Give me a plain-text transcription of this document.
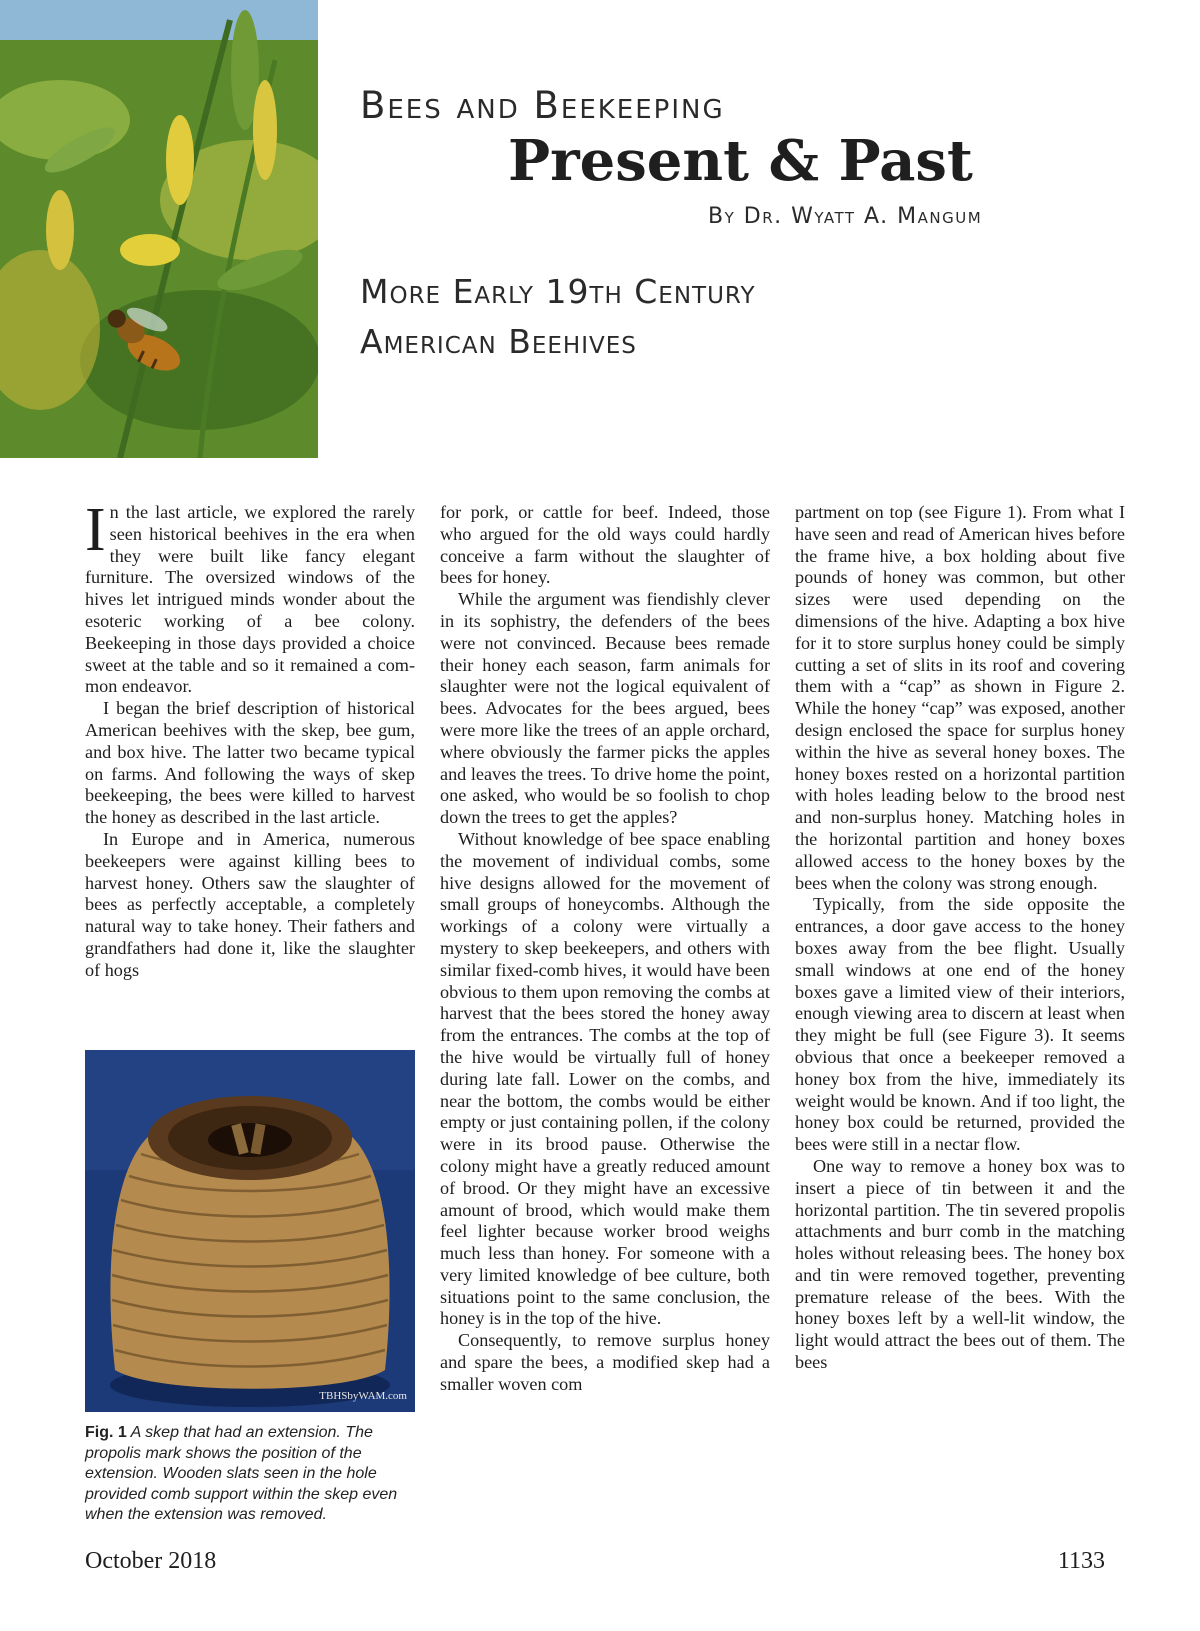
Bees and Beekeeping
Present & Past
By Dr. Wyatt A. Mangum
More Early 19th Century
American Beehives

In the last article, we explored the rarely seen historical beehives in the era when they were built like fancy elegant furniture. The oversized windows of the hives let intrigued minds wonder about the esoteric working of a bee colony. Beekeeping in those days provided a choice sweet at the table and so it remained a common endeavor.

I began the brief description of historical American beehives with the skep, bee gum, and box hive. The latter two became typical on farms. And following the ways of skep beekeeping, the bees were killed to harvest the honey as described in the last article.

In Europe and in America, numerous beekeepers were against killing bees to harvest honey. Others saw the slaughter of bees as perfectly acceptable, a completely natural way to take honey. Their fathers and grandfathers had done it, like the slaughter of hogs

TBHSbyWAM.com
Fig. 1 A skep that had an extension. The propolis mark shows the position of the extension. Wooden slats seen in the hole provided comb support within the skep even when the extension was removed.

for pork, or cattle for beef. Indeed, those who argued for the old ways could hardly conceive a farm without the slaughter of bees for honey.

While the argument was fiendishly clever in its sophistry, the defenders of the bees were not convinced. Because bees remade their honey each season, farm animals for slaughter were not the logical equivalent of bees. Advocates for the bees argued, bees were more like the trees of an apple orchard, where obviously the farmer picks the apples and leaves the trees. To drive home the point, one asked, who would be so foolish to chop down the trees to get the apples?

Without knowledge of bee space enabling the movement of individual combs, some hive designs allowed for the movement of small groups of honeycombs. Although the workings of a colony were virtually a mystery to skep beekeepers, and others with similar fixed-comb hives, it would have been obvious to them upon removing the combs at harvest that the bees stored the honey away from the entrances. The combs at the top of the hive would be virtually full of honey during late fall. Lower on the combs, and near the bottom, the combs would be either empty or just containing pollen, if the colony were in its brood pause. Otherwise the colony might have a greatly reduced amount of brood. Or they might have an excessive amount of brood, which would make them feel lighter because worker brood weighs much less than honey. For someone with a very limited knowledge of bee culture, both situations point to the same conclusion, the honey is in the top of the hive.

Consequently, to remove surplus honey and spare the bees, a modified skep had a smaller woven com

partment on top (see Figure 1). From what I have seen and read of American hives before the frame hive, a box holding about five pounds of honey was common, but other sizes were used depending on the dimensions of the hive. Adapting a box hive for it to store surplus honey could be simply cutting a set of slits in its roof and covering them with a “cap” as shown in Figure 2. While the honey “cap” was exposed, another design enclosed the space for surplus honey within the hive as several honey boxes. The honey boxes rested on a horizontal partition with holes leading below to the brood nest and non-surplus honey. Matching holes in the horizontal partition and honey boxes allowed access to the honey boxes by the bees when the colony was strong enough.

Typically, from the side opposite the entrances, a door gave access to the honey boxes away from the bee flight. Usually small windows at one end of the honey boxes gave a limited view of their interiors, enough viewing area to discern at least when they might be full (see Figure 3). It seems obvious that once a beekeeper removed a honey box from the hive, immediately its weight would be known. And if too light, the honey box could be returned, provided the bees were still in a nectar flow.

One way to remove a honey box was to insert a piece of tin between it and the horizontal partition. The tin severed propolis attachments and burr comb in the matching holes without releasing bees. The honey box and tin were removed together, preventing premature release of the bees. With the honey boxes left by a well-lit window, the light would attract the bees out of them. The bees

October 2018	1133
